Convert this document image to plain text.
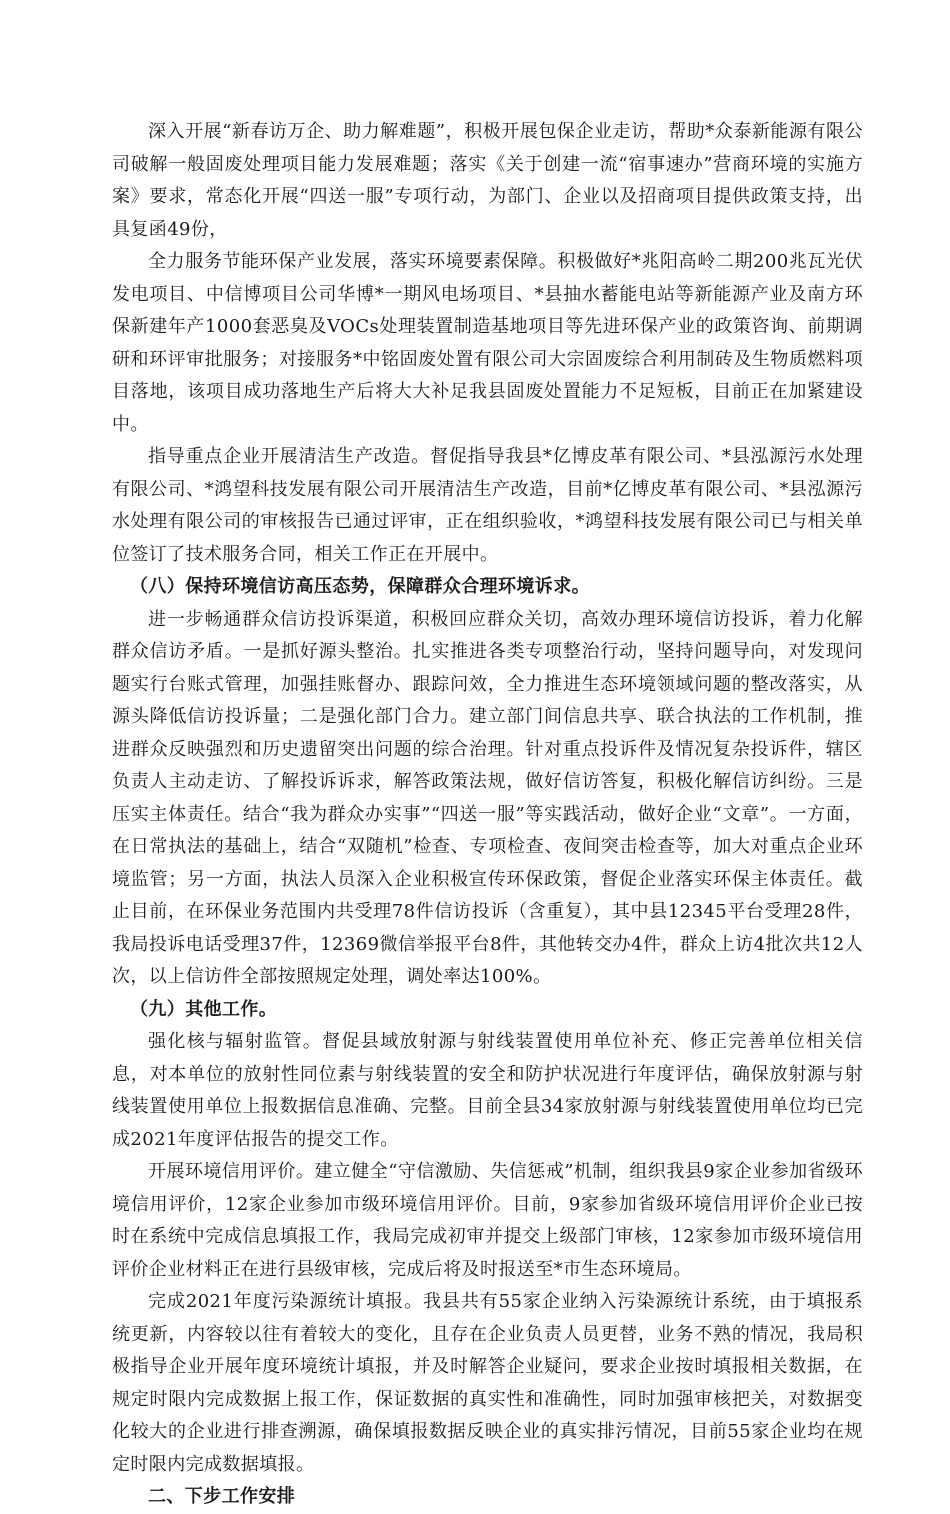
深入开展“新春访万企、助力解难题”，积极开展包保企业走访，帮助*众泰新能源有限公司破解一般固废处理项目能力发展难题；落实《关于创建一流“宿事速办”营商环境的实施方案》要求，常态化开展“四送一服”专项行动，为部门、企业以及招商项目提供政策支持，出具复函49份，

全力服务节能环保产业发展，落实环境要素保障。积极做好*兆阳高岭二期200兆瓦光伏发电项目、中信博项目公司华博*一期风电场项目、*县抽水蓄能电站等新能源产业及南方环保新建年产1000套恶臭及VOCs处理装置制造基地项目等先进环保产业的政策咨询、前期调研和环评审批服务；对接服务*中铭固废处置有限公司大宗固废综合利用制砖及生物质燃料项目落地，该项目成功落地生产后将大大补足我县固废处置能力不足短板，目前正在加紧建设中。

指导重点企业开展清洁生产改造。督促指导我县*亿博皮革有限公司、*县泓源污水处理有限公司、*鸿望科技发展有限公司开展清洁生产改造，目前*亿博皮革有限公司、*县泓源污水处理有限公司的审核报告已通过评审，正在组织验收，*鸿望科技发展有限公司已与相关单位签订了技术服务合同，相关工作正在开展中。

（八）保持环境信访高压态势，保障群众合理环境诉求。

进一步畅通群众信访投诉渠道，积极回应群众关切，高效办理环境信访投诉，着力化解群众信访矛盾。一是抓好源头整治。扎实推进各类专项整治行动，坚持问题导向，对发现问题实行台账式管理，加强挂账督办、跟踪问效，全力推进生态环境领域问题的整改落实，从源头降低信访投诉量；二是强化部门合力。建立部门间信息共享、联合执法的工作机制，推进群众反映强烈和历史遗留突出问题的综合治理。针对重点投诉件及情况复杂投诉件，辖区负责人主动走访、了解投诉诉求，解答政策法规，做好信访答复，积极化解信访纠纷。三是压实主体责任。结合“我为群众办实事”“四送一服”等实践活动，做好企业“文章”。一方面，在日常执法的基础上，结合“双随机”检查、专项检查、夜间突击检查等，加大对重点企业环境监管；另一方面，执法人员深入企业积极宣传环保政策，督促企业落实环保主体责任。截止目前，在环保业务范围内共受理78件信访投诉（含重复），其中县12345平台受理28件，我局投诉电话受理37件，12369微信举报平台8件，其他转交办4件，群众上访4批次共12人次，以上信访件全部按照规定处理，调处率达100%。

（九）其他工作。

强化核与辐射监管。督促县域放射源与射线装置使用单位补充、修正完善单位相关信息，对本单位的放射性同位素与射线装置的安全和防护状况进行年度评估，确保放射源与射线装置使用单位上报数据信息准确、完整。目前全县34家放射源与射线装置使用单位均已完成2021年度评估报告的提交工作。

开展环境信用评价。建立健全“守信激励、失信惩戒”机制，组织我县9家企业参加省级环境信用评价，12家企业参加市级环境信用评价。目前，9家参加省级环境信用评价企业已按时在系统中完成信息填报工作，我局完成初审并提交上级部门审核，12家参加市级环境信用评价企业材料正在进行县级审核，完成后将及时报送至*市生态环境局。

完成2021年度污染源统计填报。我县共有55家企业纳入污染源统计系统，由于填报系统更新，内容较以往有着较大的变化，且存在企业负责人员更替，业务不熟的情况，我局积极指导企业开展年度环境统计填报，并及时解答企业疑问，要求企业按时填报相关数据，在规定时限内完成数据上报工作，保证数据的真实性和准确性，同时加强审核把关，对数据变化较大的企业进行排查溯源，确保填报数据反映企业的真实排污情况，目前55家企业均在规定时限内完成数据填报。

二、下步工作安排
